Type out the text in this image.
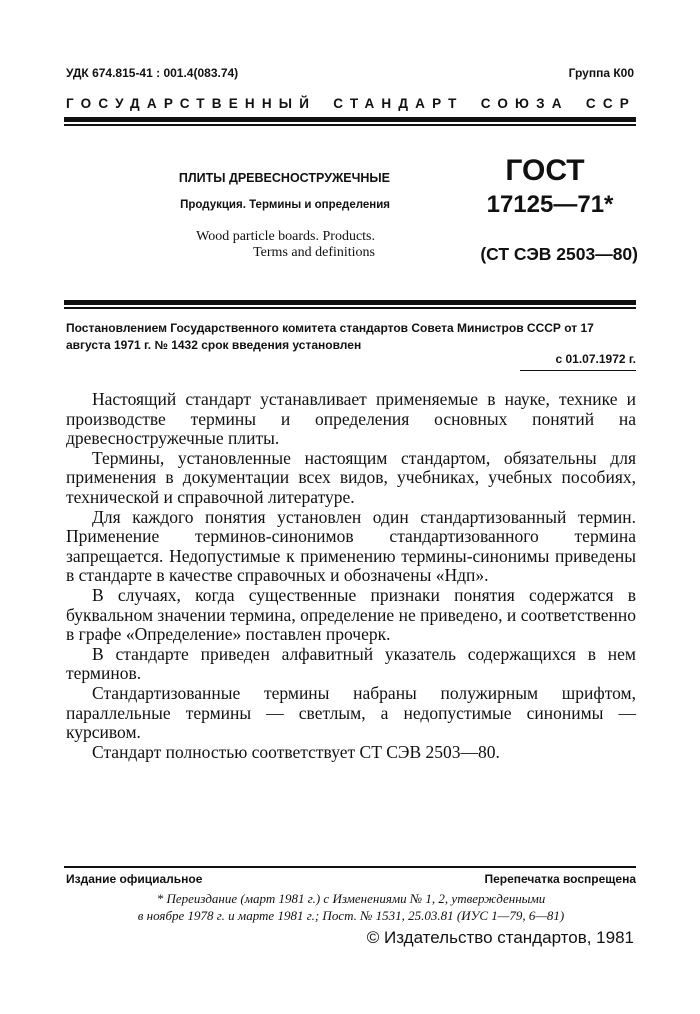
УДК 674.815-41 : 001.4(083.74)	Группа К00
ГОСУДАРСТВЕННЫЙ СТАНДАРТ СОЮЗА ССР
ПЛИТЫ ДРЕВЕСНОСТРУЖЕЧНЫЕ
Продукция. Термины и определения
Wood particle boards. Products.
Terms and definitions
ГОСТ
17125—71*
(СТ СЭВ 2503—80)
Постановлением Государственного комитета стандартов Совета Министров СССР от 17 августа 1971 г. № 1432 срок введения установлен
с 01.07.1972 г.

Настоящий стандарт устанавливает применяемые в науке, технике и производстве термины и определения основных понятий на древесностружечные плиты.

Термины, установленные настоящим стандартом, обязательны для применения в документации всех видов, учебниках, учебных пособиях, технической и справочной литературе.

Для каждого понятия установлен один стандартизованный термин. Применение терминов-синонимов стандартизованного термина запрещается. Недопустимые к применению термины-синонимы приведены в стандарте в качестве справочных и обозначены «Ндп».

В случаях, когда существенные признаки понятия содержатся в буквальном значении термина, определение не приведено, и соответственно в графе «Определение» поставлен прочерк.

В стандарте приведен алфавитный указатель содержащихся в нем терминов.

Стандартизованные термины набраны полужирным шрифтом, параллельные термины — светлым, а недопустимые синонимы — курсивом.

Стандарт полностью соответствует СТ СЭВ 2503—80.

Издание официальное	Перепечатка воспрещена
* Переиздание (март 1981 г.) с Изменениями № 1, 2, утвержденными
в ноябре 1978 г. и марте 1981 г.; Пост. № 1531, 25.03.81 (ИУС 1—79, 6—81)
© Издательство стандартов, 1981
